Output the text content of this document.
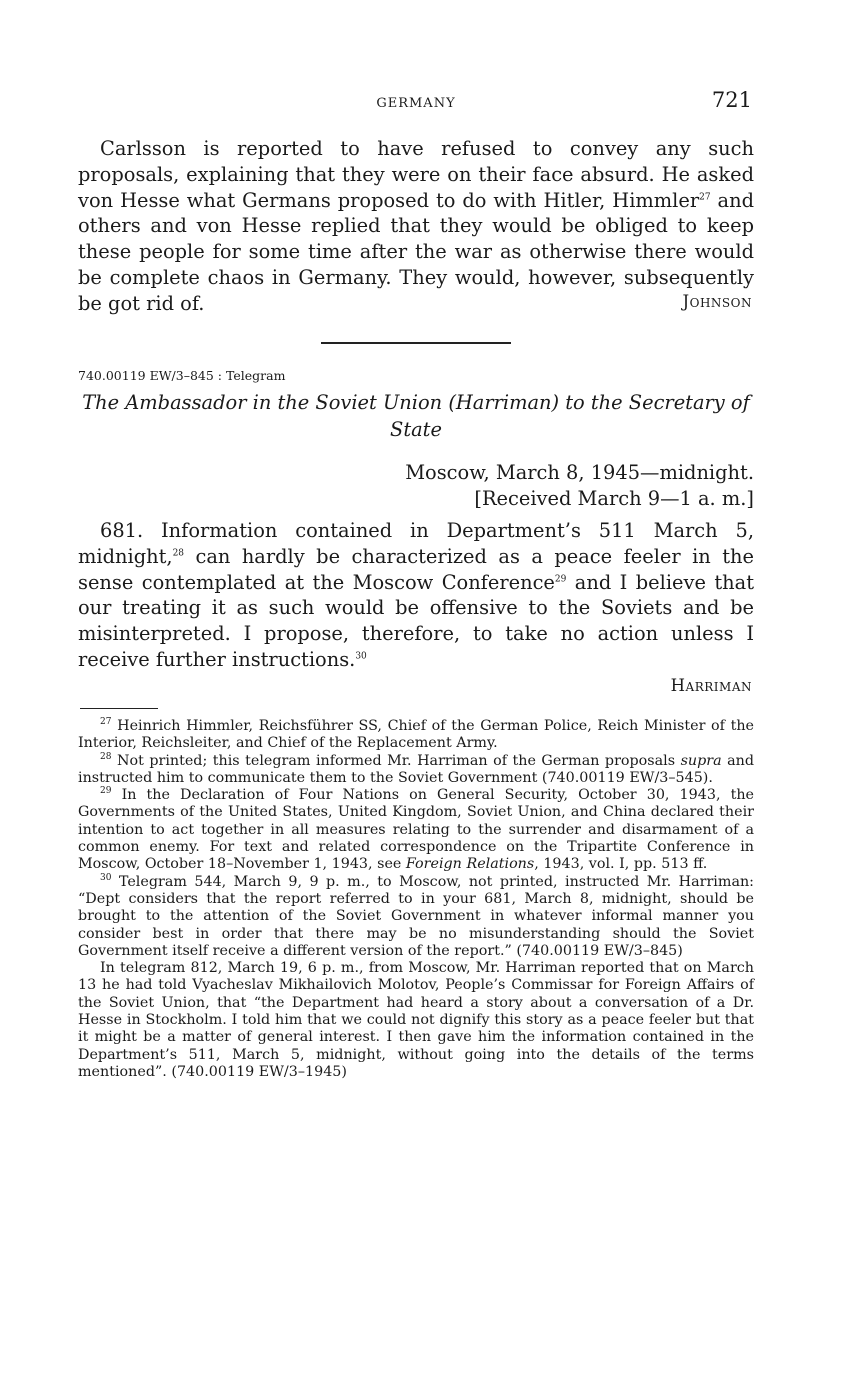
GERMANY	721

Carlsson is reported to have refused to convey any such proposals, explaining that they were on their face absurd. He asked von Hesse what Germans proposed to do with Hitler, Himmler$^{27}$ and others and von Hesse replied that they would be obliged to keep these people for some time after the war as otherwise there would be complete chaos in Germany. They would, however, subsequently be got rid of.	Johnson
740.00119 EW/3–845 : Telegram

The Ambassador in the Soviet Union (Harriman) to the Secretary of State

Moscow, March 8, 1945—midnight.
[Received March 9—1 a. m.]

681. Information contained in Department’s 511 March 5, midnight,$^{28}$ can hardly be characterized as a peace feeler in the sense contemplated at the Moscow Conference$^{29}$ and I believe that our treating it as such would be offensive to the Soviets and be misinterpreted. I propose, therefore, to take no action unless I receive further instructions.$^{30}$

Harriman

$^{27}$ Heinrich Himmler, Reichsführer SS, Chief of the German Police, Reich Minister of the Interior, Reichsleiter, and Chief of the Replacement Army.

$^{28}$ Not printed; this telegram informed Mr. Harriman of the German proposals supra and instructed him to communicate them to the Soviet Government (740.00119 EW/3–545).

$^{29}$ In the Declaration of Four Nations on General Security, October 30, 1943, the Governments of the United States, United Kingdom, Soviet Union, and China declared their intention to act together in all measures relating to the surrender and disarmament of a common enemy. For text and related correspondence on the Tripartite Conference in Moscow, October 18–November 1, 1943, see Foreign Relations, 1943, vol. I, pp. 513 ff.

$^{30}$ Telegram 544, March 9, 9 p. m., to Moscow, not printed, instructed Mr. Harriman: “Dept considers that the report referred to in your 681, March 8, midnight, should be brought to the attention of the Soviet Government in whatever informal manner you consider best in order that there may be no misunderstanding should the Soviet Government itself receive a different version of the report.” (740.00119 EW/3–845)

In telegram 812, March 19, 6 p. m., from Moscow, Mr. Harriman reported that on March 13 he had told Vyacheslav Mikhailovich Molotov, People’s Commissar for Foreign Affairs of the Soviet Union, that “the Department had heard a story about a conversation of a Dr. Hesse in Stockholm. I told him that we could not dignify this story as a peace feeler but that it might be a matter of general interest. I then gave him the information contained in the Department’s 511, March 5, midnight, without going into the details of the terms mentioned”. (740.00119 EW/3–1945)
